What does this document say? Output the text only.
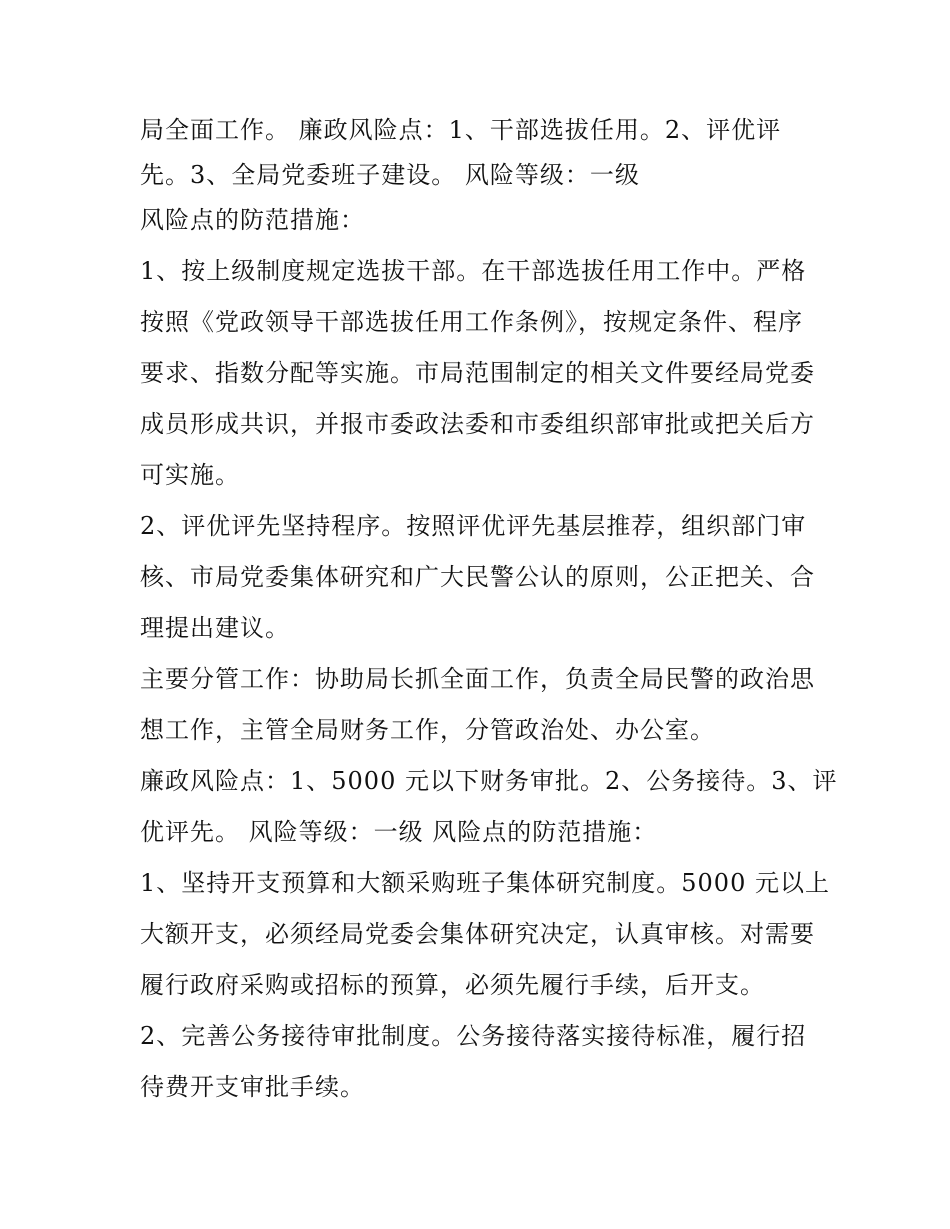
局全面工作。 廉政风险点：1、干部选拔任用。2、评优评
先。3、全局党委班子建设。 风险等级：一级
风险点的防范措施：
1、按上级制度规定选拔干部。在干部选拔任用工作中。严格
按照《党政领导干部选拔任用工作条例》，按规定条件、程序
要求、指数分配等实施。市局范围制定的相关文件要经局党委
成员形成共识，并报市委政法委和市委组织部审批或把关后方
可实施。
2、评优评先坚持程序。按照评优评先基层推荐，组织部门审
核、市局党委集体研究和广大民警公认的原则，公正把关、合
理提出建议。
主要分管工作：协助局长抓全面工作，负责全局民警的政治思
想工作，主管全局财务工作，分管政治处、办公室。
廉政风险点：1、5000 元以下财务审批。2、公务接待。3、评
优评先。 风险等级：一级 风险点的防范措施：
1、坚持开支预算和大额采购班子集体研究制度。5000 元以上
大额开支，必须经局党委会集体研究决定，认真审核。对需要
履行政府采购或招标的预算，必须先履行手续，后开支。
2、完善公务接待审批制度。公务接待落实接待标准，履行招
待费开支审批手续。
